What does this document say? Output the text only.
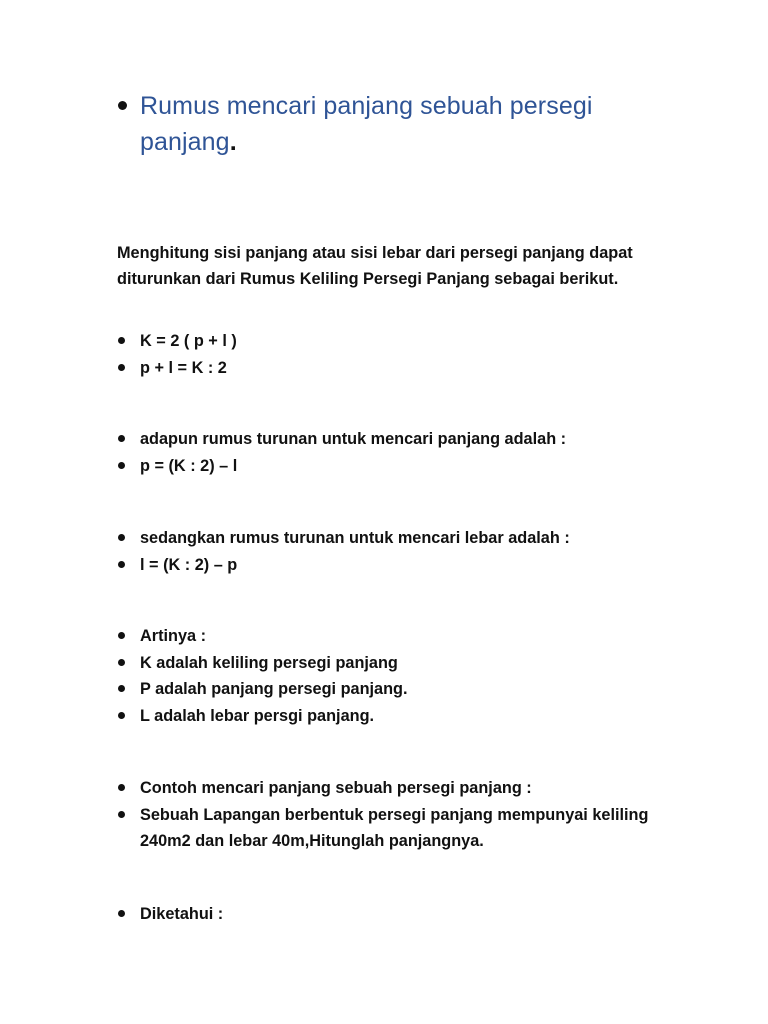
Rumus mencari panjang sebuah persegi panjang.
Menghitung sisi panjang atau sisi lebar dari persegi panjang dapat diturunkan dari Rumus Keliling Persegi Panjang sebagai berikut.
K = 2 ( p + l )
p + l = K : 2
adapun rumus turunan untuk mencari panjang adalah :
p = (K : 2) – l
sedangkan rumus turunan untuk mencari lebar adalah :
l = (K : 2) – p
Artinya :
K adalah keliling persegi panjang
P adalah panjang persegi panjang.
L adalah lebar persgi panjang.
Contoh mencari panjang sebuah persegi panjang :
Sebuah Lapangan berbentuk persegi panjang mempunyai keliling 240m2 dan lebar 40m,Hitunglah panjangnya.
Diketahui :
